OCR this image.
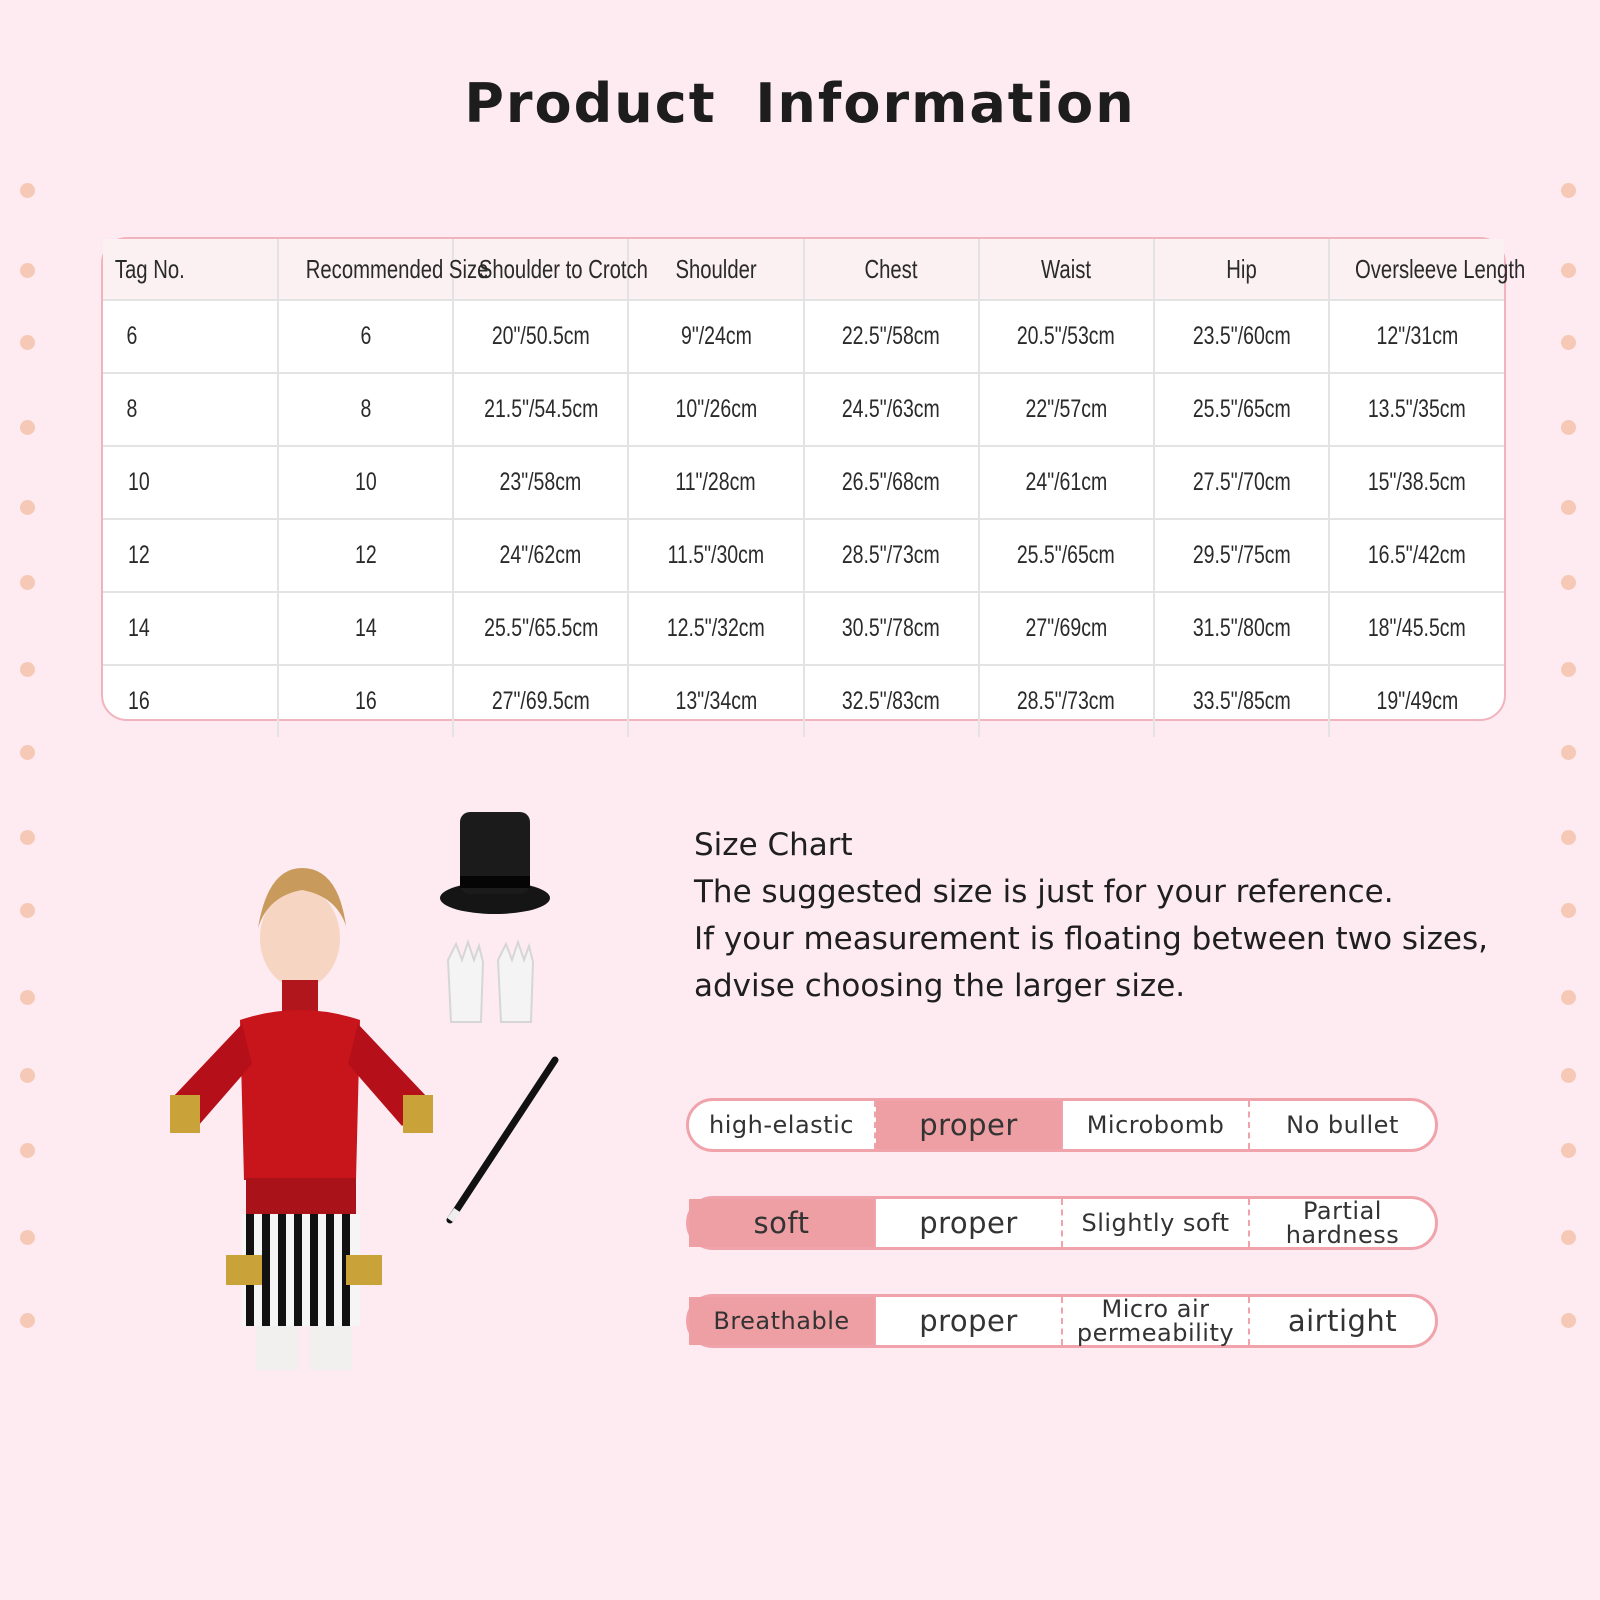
Product Information
Tag No.	Recommended Size	Shoulder to Crotch	Shoulder	Chest	Waist	Hip	Oversleeve Length
6	6	20"/50.5cm	9"/24cm	22.5"/58cm	20.5"/53cm	23.5"/60cm	12"/31cm
8	8	21.5"/54.5cm	10"/26cm	24.5"/63cm	22"/57cm	25.5"/65cm	13.5"/35cm
10	10	23"/58cm	11"/28cm	26.5"/68cm	24"/61cm	27.5"/70cm	15"/38.5cm
12	12	24"/62cm	11.5"/30cm	28.5"/73cm	25.5"/65cm	29.5"/75cm	16.5"/42cm
14	14	25.5"/65.5cm	12.5"/32cm	30.5"/78cm	27"/69cm	31.5"/80cm	18"/45.5cm
16	16	27"/69.5cm	13"/34cm	32.5"/83cm	28.5"/73cm	33.5"/85cm	19"/49cm
Size Chart
The suggested size is just for your reference.
If your measurement is floating between two sizes,
advise choosing the larger size.
high-elastic	proper	Microbomb	No bullet
soft	proper	Slightly soft	Partial hardness
Breathable	proper	Micro air permeability	airtight
